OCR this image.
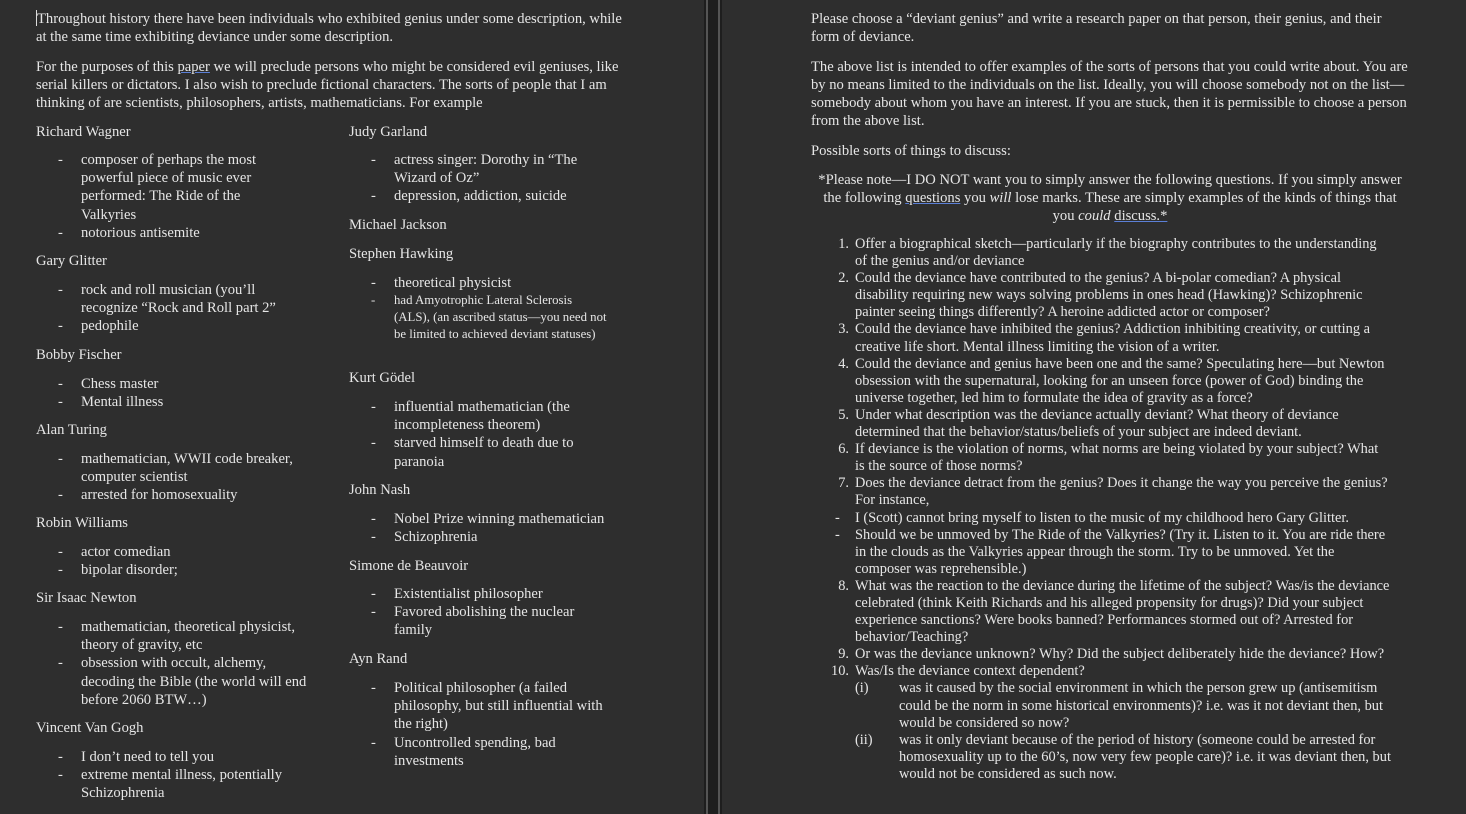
Throughout history there have been individuals who exhibited genius under some description, while at the same time exhibiting deviance under some description.

For the purposes of this paper we will preclude persons who might be considered evil geniuses, like serial killers or dictators. I also wish to preclude fictional characters. The sorts of people that I am thinking of are scientists, philosophers, artists, mathematicians. For example

Richard Wagner
- composer of perhaps the most powerful piece of music ever performed: The Ride of the Valkyries
- notorious antisemite
Gary Glitter
- rock and roll musician (you’ll recognize “Rock and Roll part 2”
- pedophile
Bobby Fischer
- Chess master
- Mental illness
Alan Turing
- mathematician, WWII code breaker, computer scientist
- arrested for homosexuality
Robin Williams
- actor comedian
- bipolar disorder;
Sir Isaac Newton
- mathematician, theoretical physicist, theory of gravity, etc
- obsession with occult, alchemy, decoding the Bible (the world will end before 2060 BTW…)
Vincent Van Gogh
- I don’t need to tell you
- extreme mental illness, potentially Schizophrenia
Judy Garland
- actress singer: Dorothy in “The Wizard of Oz”
- depression, addiction, suicide
Michael Jackson
Stephen Hawking
- theoretical physicist
- had Amyotrophic Lateral Sclerosis (ALS), (an ascribed status—you need not be limited to achieved deviant statuses)
Kurt Gödel
- influential mathematician (the incompleteness theorem)
- starved himself to death due to paranoia
John Nash
- Nobel Prize winning mathematician
- Schizophrenia
Simone de Beauvoir
- Existentialist philosopher
- Favored abolishing the nuclear family
Ayn Rand
- Political philosopher (a failed philosophy, but still influential with the right)
- Uncontrolled spending, bad investments

Please choose a “deviant genius” and write a research paper on that person, their genius, and their form of deviance.

The above list is intended to offer examples of the sorts of persons that you could write about. You are by no means limited to the individuals on the list. Ideally, you will choose somebody not on the list—somebody about whom you have an interest. If you are stuck, then it is permissible to choose a person from the above list.

Possible sorts of things to discuss:

*Please note—I DO NOT want you to simply answer the following questions. If you simply answer the following questions you will lose marks. These are simply examples of the kinds of things that you could discuss.*

1. Offer a biographical sketch—particularly if the biography contributes to the understanding of the genius and/or deviance
2. Could the deviance have contributed to the genius? A bi-polar comedian? A physical disability requiring new ways solving problems in ones head (Hawking)? Schizophrenic painter seeing things differently? A heroine addicted actor or composer?
3. Could the deviance have inhibited the genius? Addiction inhibiting creativity, or cutting a creative life short. Mental illness limiting the vision of a writer.
4. Could the deviance and genius have been one and the same? Speculating here—but Newton obsession with the supernatural, looking for an unseen force (power of God) binding the universe together, led him to formulate the idea of gravity as a force?
5. Under what description was the deviance actually deviant? What theory of deviance determined that the behavior/status/beliefs of your subject are indeed deviant.
6. If deviance is the violation of norms, what norms are being violated by your subject? What is the source of those norms?
7. Does the deviance detract from the genius? Does it change the way you perceive the genius? For instance,
-	I (Scott) cannot bring myself to listen to the music of my childhood hero Gary Glitter.
-	Should we be unmoved by The Ride of the Valkyries? (Try it. Listen to it. You are ride there in the clouds as the Valkyries appear through the storm. Try to be unmoved. Yet the composer was reprehensible.)
8. What was the reaction to the deviance during the lifetime of the subject? Was/is the deviance celebrated (think Keith Richards and his alleged propensity for drugs)? Did your subject experience sanctions? Were books banned? Performances stormed out of? Arrested for behavior/Teaching?
9. Or was the deviance unknown? Why? Did the subject deliberately hide the deviance? How?
10. Was/Is the deviance context dependent?
(i) was it caused by the social environment in which the person grew up (antisemitism could be the norm in some historical environments)? i.e. was it not deviant then, but would be considered so now?
(ii) was it only deviant because of the period of history (someone could be arrested for homosexuality up to the 60’s, now very few people care)? i.e. it was deviant then, but would not be considered as such now.
